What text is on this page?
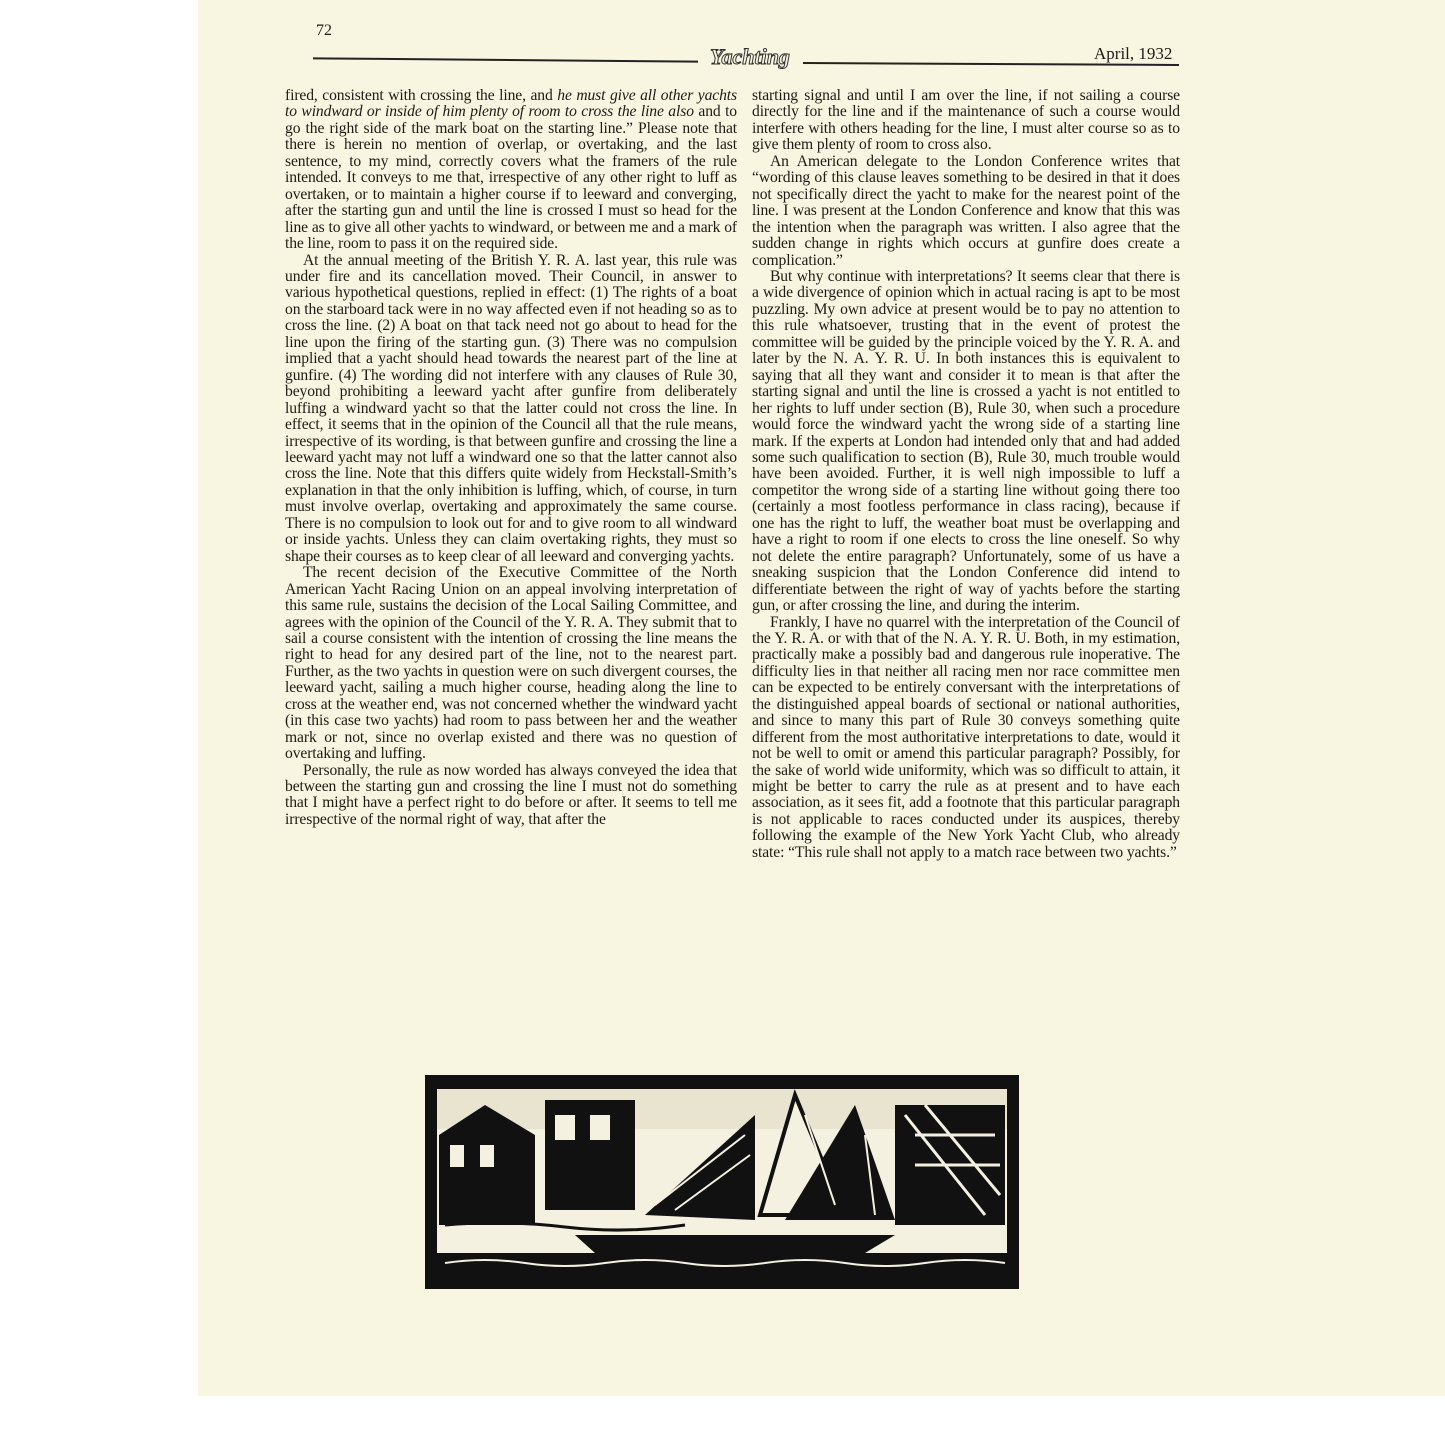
72
Yachting	April, 1932

fired, consistent with crossing the line, and he must give all other yachts to windward or inside of him plenty of room to cross the line also and to go the right side of the mark boat on the starting line.” Please note that there is herein no mention of overlap, or overtaking, and the last sentence, to my mind, correctly covers what the framers of the rule intended. It conveys to me that, irrespective of any other right to luff as overtaken, or to maintain a higher course if to leeward and converging, after the starting gun and until the line is crossed I must so head for the line as to give all other yachts to windward, or between me and a mark of the line, room to pass it on the required side.

At the annual meeting of the British Y. R. A. last year, this rule was under fire and its cancellation moved. Their Council, in answer to various hypothetical questions, replied in effect: (1) The rights of a boat on the starboard tack were in no way affected even if not heading so as to cross the line. (2) A boat on that tack need not go about to head for the line upon the firing of the starting gun. (3) There was no compulsion implied that a yacht should head towards the nearest part of the line at gunfire. (4) The wording did not interfere with any clauses of Rule 30, beyond prohibiting a leeward yacht after gunfire from deliberately luffing a windward yacht so that the latter could not cross the line. In effect, it seems that in the opinion of the Council all that the rule means, irrespective of its wording, is that between gunfire and crossing the line a leeward yacht may not luff a windward one so that the latter cannot also cross the line. Note that this differs quite widely from Heckstall-Smith’s explanation in that the only inhibition is luffing, which, of course, in turn must involve overlap, overtaking and approximately the same course. There is no compulsion to look out for and to give room to all windward or inside yachts. Unless they can claim overtaking rights, they must so shape their courses as to keep clear of all leeward and converging yachts.

The recent decision of the Executive Committee of the North American Yacht Racing Union on an appeal involving interpretation of this same rule, sustains the decision of the Local Sailing Committee, and agrees with the opinion of the Council of the Y. R. A. They submit that to sail a course consistent with the intention of crossing the line means the right to head for any desired part of the line, not to the nearest part. Further, as the two yachts in question were on such divergent courses, the leeward yacht, sailing a much higher course, heading along the line to cross at the weather end, was not concerned whether the windward yacht (in this case two yachts) had room to pass between her and the weather mark or not, since no overlap existed and there was no question of overtaking and luffing.

Personally, the rule as now worded has always conveyed the idea that between the starting gun and crossing the line I must not do something that I might have a perfect right to do before or after. It seems to tell me irrespective of the normal right of way, that after the

starting signal and until I am over the line, if not sailing a course directly for the line and if the maintenance of such a course would interfere with others heading for the line, I must alter course so as to give them plenty of room to cross also.

An American delegate to the London Conference writes that “wording of this clause leaves something to be desired in that it does not specifically direct the yacht to make for the nearest point of the line. I was present at the London Conference and know that this was the intention when the paragraph was written. I also agree that the sudden change in rights which occurs at gunfire does create a complication.”

But why continue with interpretations? It seems clear that there is a wide divergence of opinion which in actual racing is apt to be most puzzling. My own advice at present would be to pay no attention to this rule whatsoever, trusting that in the event of protest the committee will be guided by the principle voiced by the Y. R. A. and later by the N. A. Y. R. U. In both instances this is equivalent to saying that all they want and consider it to mean is that after the starting signal and until the line is crossed a yacht is not entitled to her rights to luff under section (B), Rule 30, when such a procedure would force the windward yacht the wrong side of a starting line mark. If the experts at London had intended only that and had added some such qualification to section (B), Rule 30, much trouble would have been avoided. Further, it is well nigh impossible to luff a competitor the wrong side of a starting line without going there too (certainly a most footless performance in class racing), because if one has the right to luff, the weather boat must be overlapping and have a right to room if one elects to cross the line oneself. So why not delete the entire paragraph? Unfortunately, some of us have a sneaking suspicion that the London Conference did intend to differentiate between the right of way of yachts before the starting gun, or after crossing the line, and during the interim.

Frankly, I have no quarrel with the interpretation of the Council of the Y. R. A. or with that of the N. A. Y. R. U. Both, in my estimation, practically make a possibly bad and dangerous rule inoperative. The difficulty lies in that neither all racing men nor race committee men can be expected to be entirely conversant with the interpretations of the distinguished appeal boards of sectional or national authorities, and since to many this part of Rule 30 conveys something quite different from the most authoritative interpretations to date, would it not be well to omit or amend this particular paragraph? Possibly, for the sake of world wide uniformity, which was so difficult to attain, it might be better to carry the rule as at present and to have each association, as it sees fit, add a footnote that this particular paragraph is not applicable to races conducted under its auspices, thereby following the example of the New York Yacht Club, who already state: “This rule shall not apply to a match race between two yachts.”
